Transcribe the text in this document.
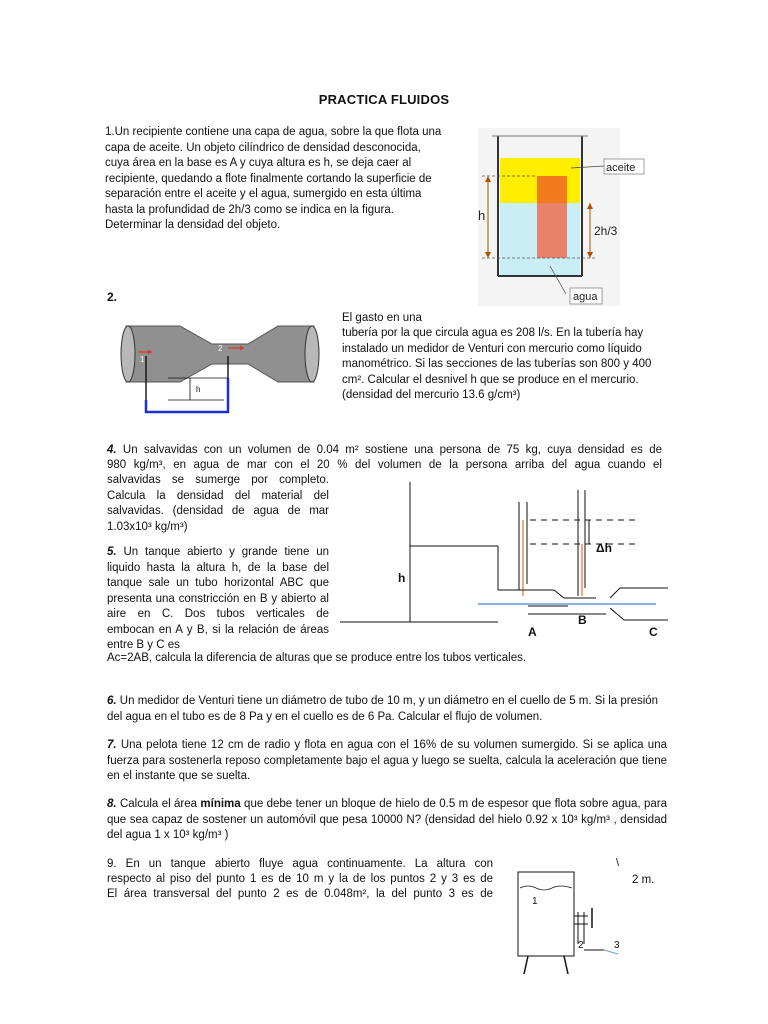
PRACTICA FLUIDOS

1.Un recipiente contiene una capa de agua, sobre la que flota una capa de aceite. Un objeto cilíndrico de densidad desconocida, cuya área en la base es A y cuya altura es h, se deja caer al recipiente, quedando a flote finalmente cortando la superficie de separación entre el aceite y el agua, sumergido en esta última hasta la profundidad de 2h/3 como se indica en la figura. Determinar la densidad del objeto.

h
2h/3
aceite
agua
2.

El gasto en una

tubería por la que circula agua es 208 l/s. En la tubería hay instalado un medidor de Venturi con mercurio como líquido manométrico. Si las secciones de las tuberías son 800 y 400 cm². Calcular el desnivel h que se produce en el mercurio. (densidad del mercurio 13.6 g/cm³)

1
2
h

4. Un salvavidas con un volumen de 0.04 m² sostiene una persona de 75 kg, cuya densidad es de

980 kg/m³, en agua de mar con el 20 % del volumen de la persona arriba del agua cuando el

salvavidas se sumerge por completo. Calcula la densidad del material del salvavidas. (densidad de agua de mar 1.03x10³ kg/m³)

5. Un tanque abierto y grande tiene un liquido hasta la altura h, de la base del tanque sale un tubo horizontal ABC que presenta una constricción en B y abierto al aire en C. Dos tubos verticales de embocan en A y B, si la relación de áreas entre B y C es

Ac=2AB, calcula la diferencia de alturas que se produce entre los tubos verticales.

h
Δh
A
B
C

6. Un medidor de Venturi tiene un diámetro de tubo de 10 m, y un diámetro en el cuello de 5 m. Si la presión del agua en el tubo es de 8 Pa y en el cuello es de 6 Pa. Calcular el flujo de volumen.

7. Una pelota tiene 12 cm de radio y flota en agua con el 16% de su volumen sumergido. Si se aplica una fuerza para sostenerla reposo completamente bajo el agua y luego se suelta, calcula la aceleración que tiene en el instante que se suelta.

8. Calcula el área mínima que debe tener un bloque de hielo de 0.5 m de espesor que flota sobre agua, para que sea capaz de sostener un automóvil que pesa 10000 N? (densidad del hielo 0.92 x 10³ kg/m³ , densidad del agua 1 x 10³ kg/m³ )

9. En un tanque abierto fluye agua continuamente. La altura con

respecto al piso del punto 1 es de 10 m y la de los puntos 2 y 3 es de

El área transversal del punto 2 es de 0.048m², la del punto 3 es de

2 m.

\
1
2	3
